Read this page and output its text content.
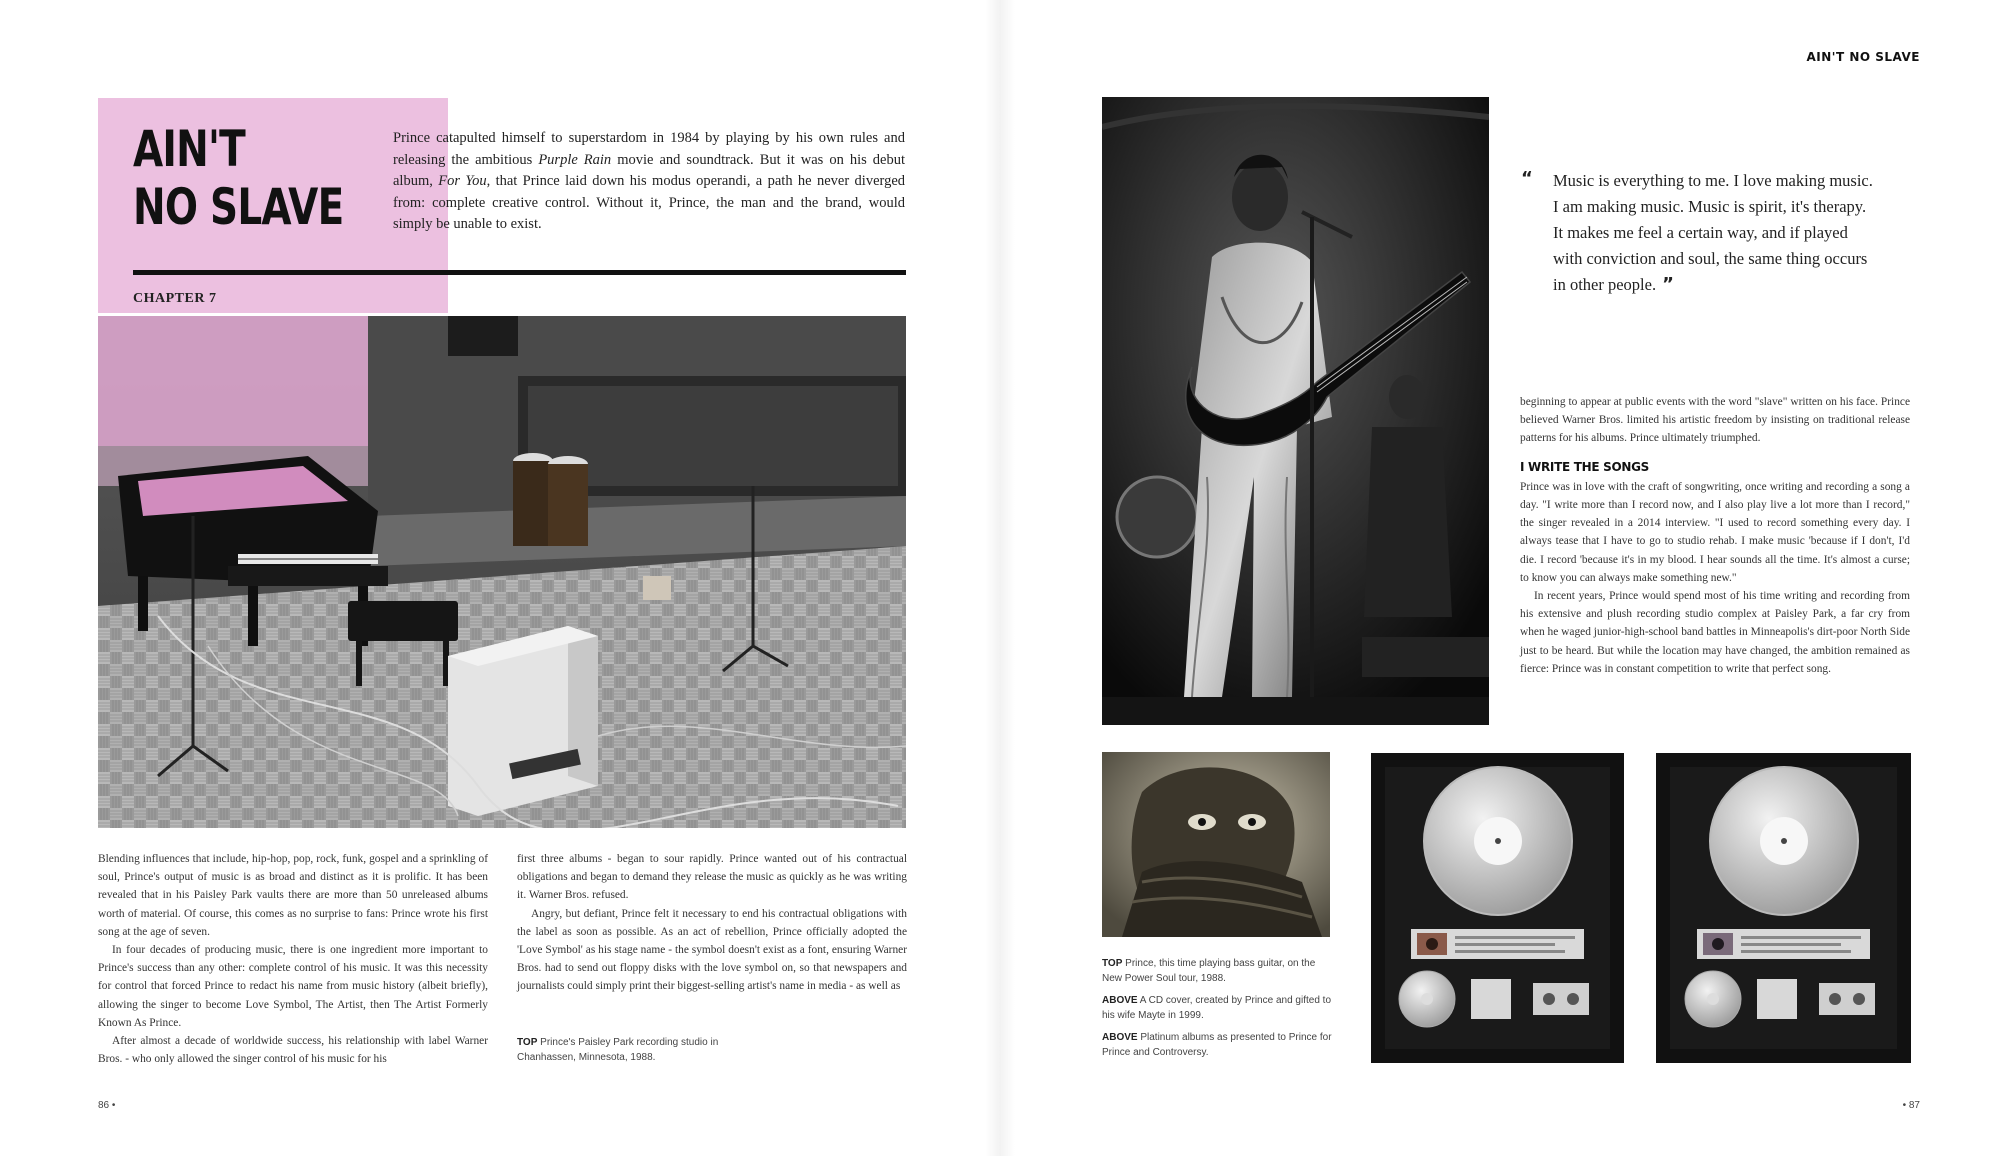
AIN'T
NO SLAVE

Prince catapulted himself to superstardom in 1984 by playing by his own rules and releasing the ambitious Purple Rain movie and soundtrack. But it was on his debut album, For You, that Prince laid down his modus operandi, a path he never diverged from: complete creative control. Without it, Prince, the man and the brand, would simply be unable to exist.

CHAPTER 7

Blending influences that include, hip-hop, pop, rock, funk, gospel and a sprinkling of soul, Prince's output of music is as broad and distinct as it is prolific. It has been revealed that in his Paisley Park vaults there are more than 50 unreleased albums worth of material. Of course, this comes as no surprise to fans: Prince wrote his first song at the age of seven.

In four decades of producing music, there is one ingredient more important to Prince's success than any other: complete control of his music. It was this necessity for control that forced Prince to redact his name from music history (albeit briefly), allowing the singer to become Love Symbol, The Artist, then The Artist Formerly Known As Prince.

After almost a decade of worldwide success, his relationship with label Warner Bros. - who only allowed the singer control of his music for his

first three albums - began to sour rapidly. Prince wanted out of his contractual obligations and began to demand they release the music as quickly as he was writing it. Warner Bros. refused.

Angry, but defiant, Prince felt it necessary to end his contractual obligations with the label as soon as possible. As an act of rebellion, Prince officially adopted the 'Love Symbol' as his stage name - the symbol doesn't exist as a font, ensuring Warner Bros. had to send out floppy disks with the love symbol on, so that newspapers and journalists could simply print their biggest-selling artist's name in media - as well as

TOP Prince's Paisley Park recording studio in Chanhassen, Minnesota, 1988.
86 •
AIN'T NO SLAVE

“ Music is everything to me. I love making music. I am making music. Music is spirit, it's therapy. It makes me feel a certain way, and if played with conviction and soul, the same thing occurs in other people. ”

beginning to appear at public events with the word "slave" written on his face. Prince believed Warner Bros. limited his artistic freedom by insisting on traditional release patterns for his albums. Prince ultimately triumphed.

I WRITE THE SONGS

Prince was in love with the craft of songwriting, once writing and recording a song a day. "I write more than I record now, and I also play live a lot more than I record," the singer revealed in a 2014 interview. "I used to record something every day. I always tease that I have to go to studio rehab. I make music 'because if I don't, I'd die. I record 'because it's in my blood. I hear sounds all the time. It's almost a curse; to know you can always make something new."

In recent years, Prince would spend most of his time writing and recording from his extensive and plush recording studio complex at Paisley Park, a far cry from when he waged junior-high-school band battles in Minneapolis's dirt-poor North Side just to be heard. But while the location may have changed, the ambition remained as fierce: Prince was in constant competition to write that perfect song.

TOP Prince, this time playing bass guitar, on the New Power Soul tour, 1988.
ABOVE A CD cover, created by Prince and gifted to his wife Mayte in 1999.
ABOVE Platinum albums as presented to Prince for Prince and Controversy.
• 87
